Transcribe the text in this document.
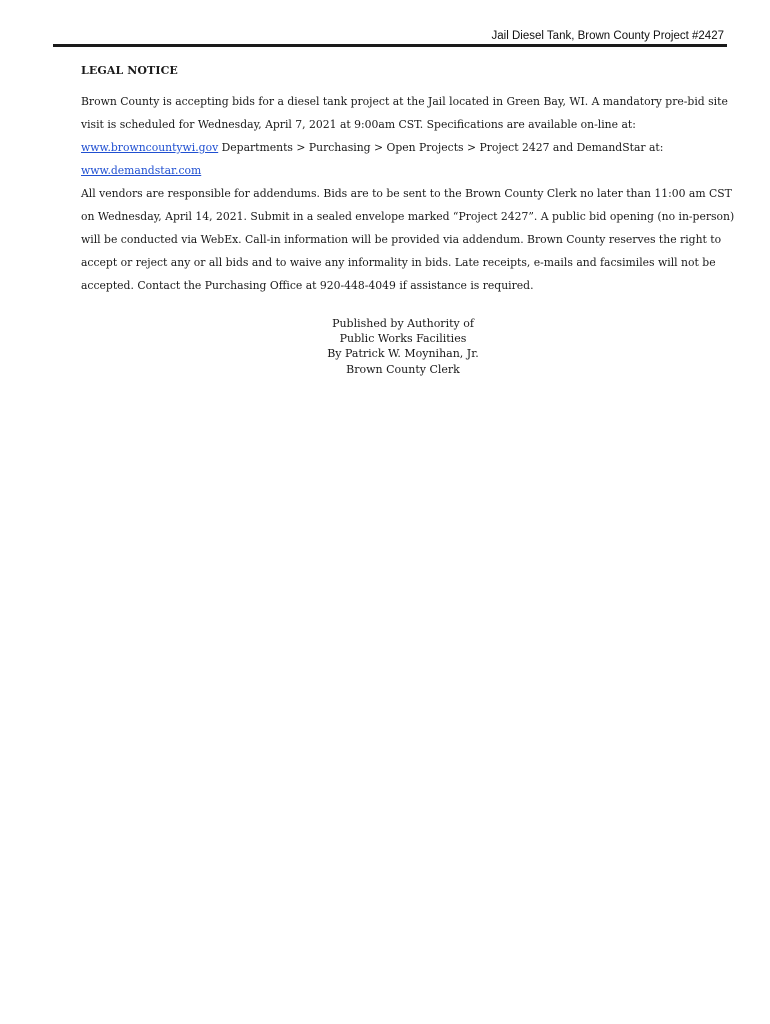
Jail Diesel Tank, Brown County Project #2427
LEGAL NOTICE
Brown County is accepting bids for a diesel tank project at the Jail located in Green Bay, WI. A mandatory pre-bid site
visit is scheduled for Wednesday, April 7, 2021 at 9:00am CST. Specifications are available on-line at:
www.browncountywi.gov Departments > Purchasing > Open Projects > Project 2427 and DemandStar at:
www.demandstar.com
All vendors are responsible for addendums. Bids are to be sent to the Brown County Clerk no later than 11:00 am CST
on Wednesday, April 14, 2021. Submit in a sealed envelope marked “Project 2427”. A public bid opening (no in-person)
will be conducted via WebEx. Call-in information will be provided via addendum. Brown County reserves the right to
accept or reject any or all bids and to waive any informality in bids. Late receipts, e-mails and facsimiles will not be
accepted. Contact the Purchasing Office at 920-448-4049 if assistance is required.
Published by Authority of
Public Works Facilities
By Patrick W. Moynihan, Jr.
Brown County Clerk
